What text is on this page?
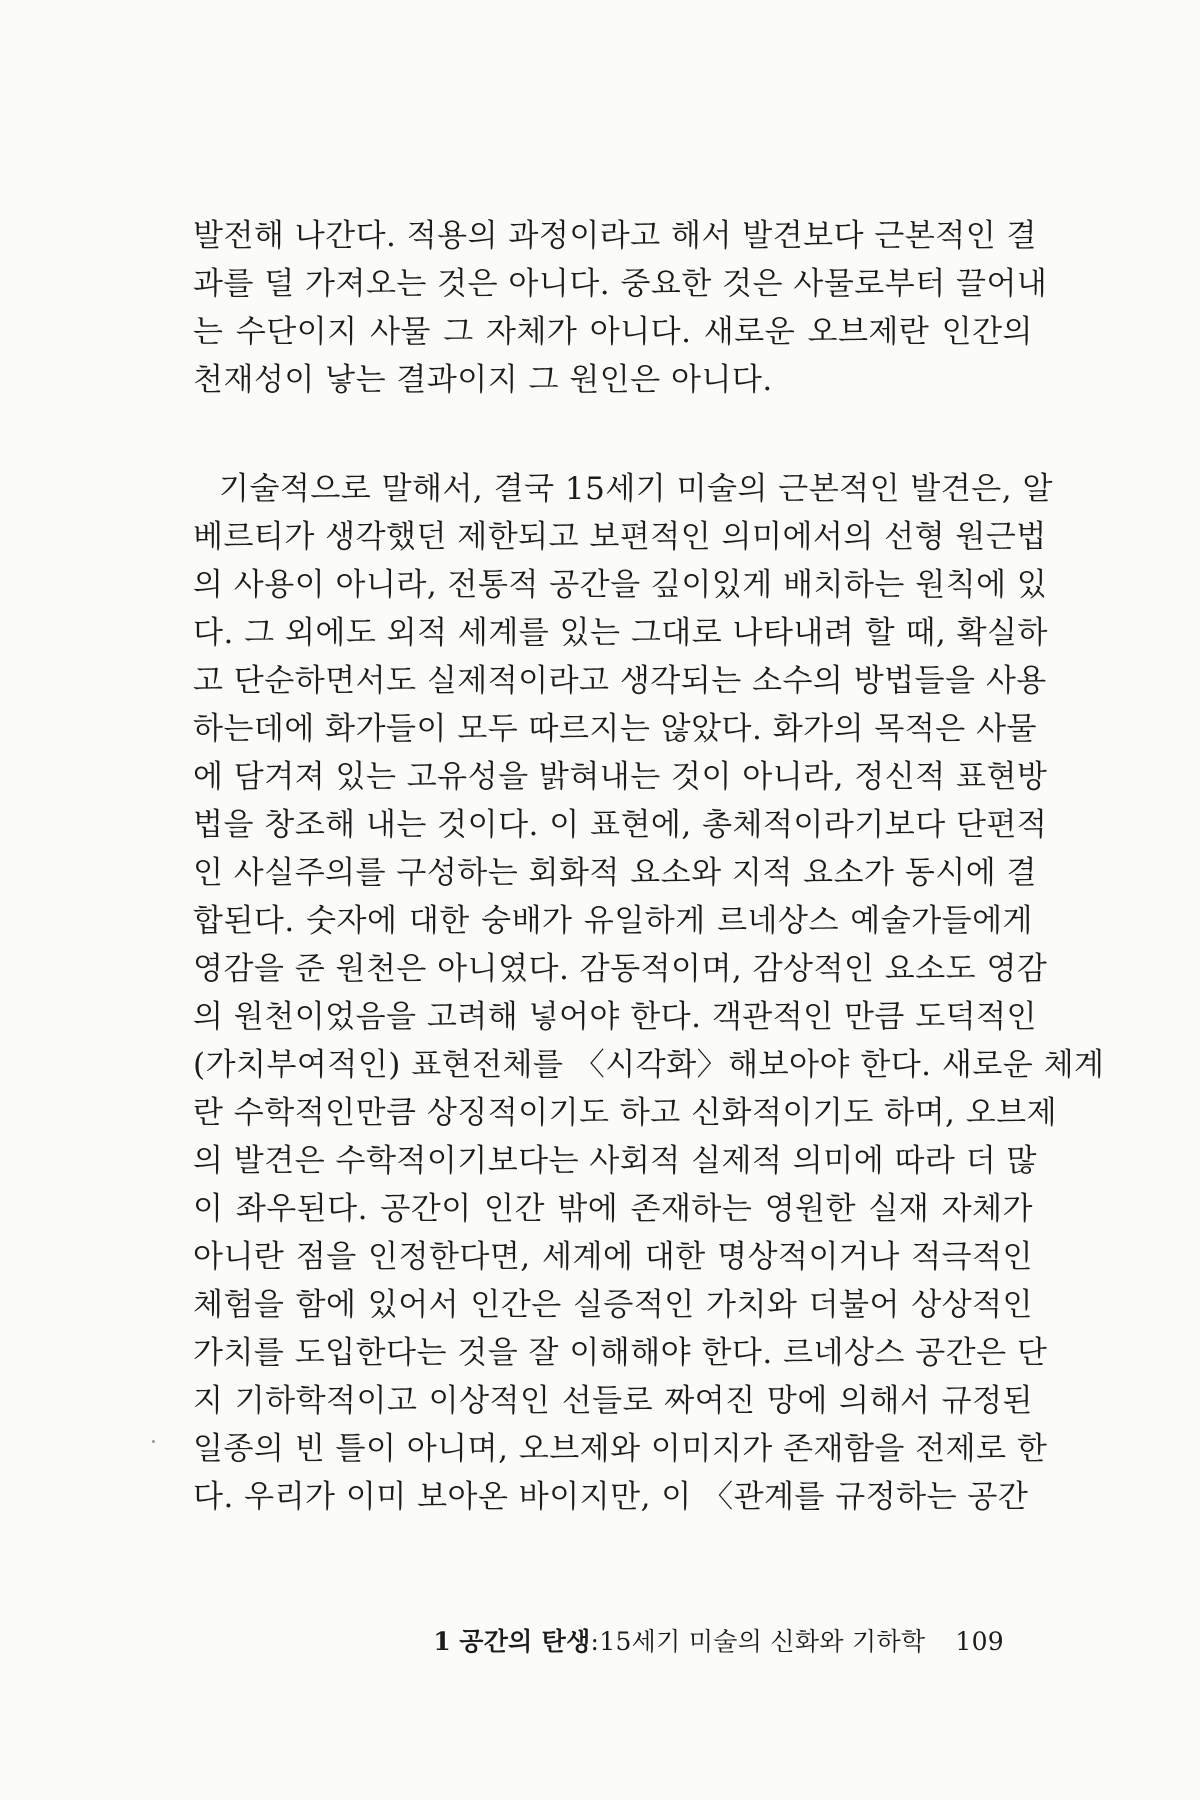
발전해 나간다. 적용의 과정이라고 해서 발견보다 근본적인 결
과를 덜 가져오는 것은 아니다. 중요한 것은 사물로부터 끌어내
는 수단이지 사물 그 자체가 아니다. 새로운 오브제란 인간의
천재성이 낳는 결과이지 그 원인은 아니다.
기술적으로 말해서, 결국 15세기 미술의 근본적인 발견은, 알
베르티가 생각했던 제한되고 보편적인 의미에서의 선형 원근법
의 사용이 아니라, 전통적 공간을 깊이있게 배치하는 원칙에 있
다. 그 외에도 외적 세계를 있는 그대로 나타내려 할 때, 확실하
고 단순하면서도 실제적이라고 생각되는 소수의 방법들을 사용
하는데에 화가들이 모두 따르지는 않았다. 화가의 목적은 사물
에 담겨져 있는 고유성을 밝혀내는 것이 아니라, 정신적 표현방
법을 창조해 내는 것이다. 이 표현에, 총체적이라기보다 단편적
인 사실주의를 구성하는 회화적 요소와 지적 요소가 동시에 결
합된다. 숫자에 대한 숭배가 유일하게 르네상스 예술가들에게
영감을 준 원천은 아니였다. 감동적이며, 감상적인 요소도 영감
의 원천이었음을 고려해 넣어야 한다. 객관적인 만큼 도덕적인
(가치부여적인) 표현전체를 〈시각화〉해보아야 한다. 새로운 체계
란 수학적인만큼 상징적이기도 하고 신화적이기도 하며, 오브제
의 발견은 수학적이기보다는 사회적 실제적 의미에 따라 더 많
이 좌우된다. 공간이 인간 밖에 존재하는 영원한 실재 자체가
아니란 점을 인정한다면, 세계에 대한 명상적이거나 적극적인
체험을 함에 있어서 인간은 실증적인 가치와 더불어 상상적인
가치를 도입한다는 것을 잘 이해해야 한다. 르네상스 공간은 단
지 기하학적이고 이상적인 선들로 짜여진 망에 의해서 규정된
일종의 빈 틀이 아니며, 오브제와 이미지가 존재함을 전제로 한
다. 우리가 이미 보아온 바이지만, 이 〈관계를 규정하는 공간
1 공간의 탄생:15세기 미술의 신화와 기하학 109
